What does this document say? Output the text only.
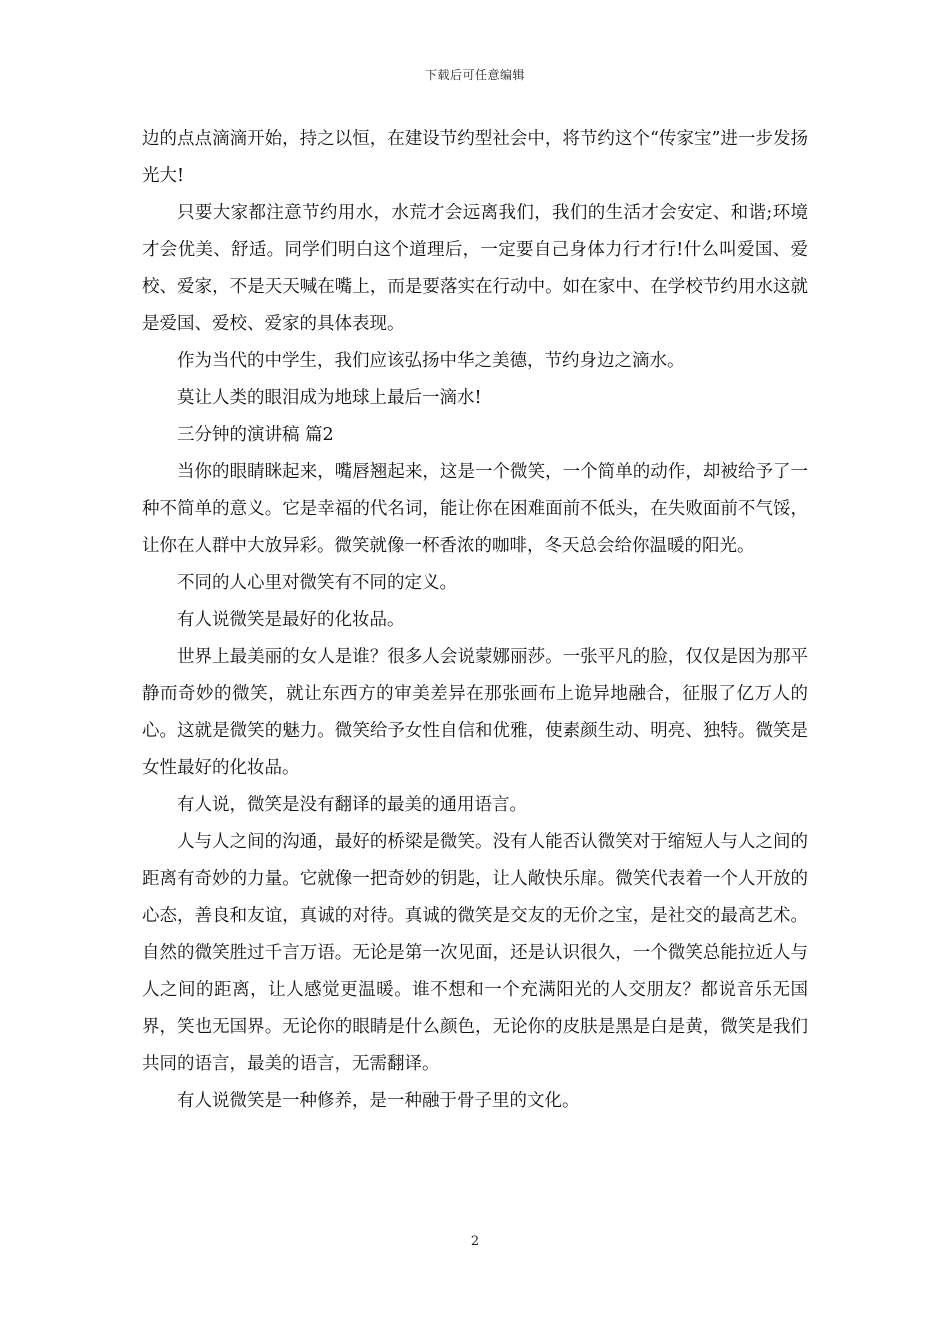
下载后可任意编辑

边的点点滴滴开始，持之以恒，在建设节约型社会中，将节约这个“传家宝”进一步发扬光大!

只要大家都注意节约用水，水荒才会远离我们，我们的生活才会安定、和谐;环境才会优美、舒适。同学们明白这个道理后，一定要自己身体力行才行!什么叫爱国、爱校、爱家，不是天天喊在嘴上，而是要落实在行动中。如在家中、在学校节约用水这就是爱国、爱校、爱家的具体表现。

作为当代的中学生，我们应该弘扬中华之美德，节约身边之滴水。

莫让人类的眼泪成为地球上最后一滴水!

三分钟的演讲稿 篇2

当你的眼睛眯起来，嘴唇翘起来，这是一个微笑，一个简单的动作，却被给予了一种不简单的意义。它是幸福的代名词，能让你在困难面前不低头，在失败面前不气馁，让你在人群中大放异彩。微笑就像一杯香浓的咖啡，冬天总会给你温暖的阳光。

不同的人心里对微笑有不同的定义。

有人说微笑是最好的化妆品。

世界上最美丽的女人是谁？很多人会说蒙娜丽莎。一张平凡的脸，仅仅是因为那平静而奇妙的微笑，就让东西方的审美差异在那张画布上诡异地融合，征服了亿万人的心。这就是微笑的魅力。微笑给予女性自信和优雅，使素颜生动、明亮、独特。微笑是女性最好的化妆品。

有人说，微笑是没有翻译的最美的通用语言。

人与人之间的沟通，最好的桥梁是微笑。没有人能否认微笑对于缩短人与人之间的距离有奇妙的力量。它就像一把奇妙的钥匙，让人敞快乐扉。微笑代表着一个人开放的心态，善良和友谊，真诚的对待。真诚的微笑是交友的无价之宝，是社交的最高艺术。自然的微笑胜过千言万语。无论是第一次见面，还是认识很久，一个微笑总能拉近人与人之间的距离，让人感觉更温暖。谁不想和一个充满阳光的人交朋友？都说音乐无国界，笑也无国界。无论你的眼睛是什么颜色，无论你的皮肤是黑是白是黄，微笑是我们共同的语言，最美的语言，无需翻译。

有人说微笑是一种修养，是一种融于骨子里的文化。

2
